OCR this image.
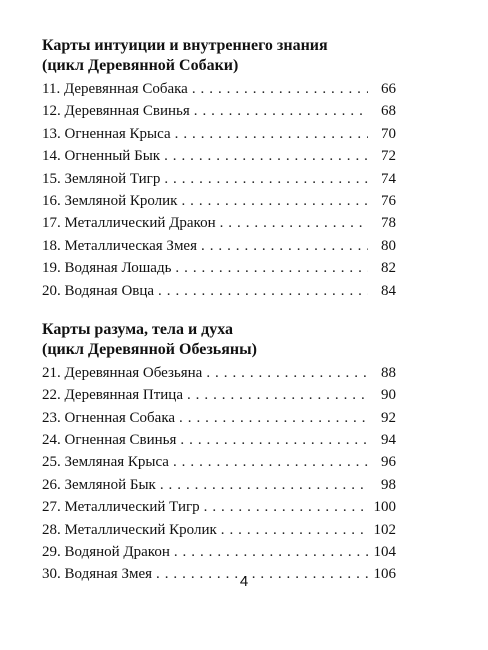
Карты интуиции и внутреннего знания
(цикл Деревянной Собаки)
11. Деревянная Собака . . .	66
12. Деревянная Свинья . . .	68
13. Огненная Крыса . . .	70
14. Огненный Бык . . .	72
15. Земляной Тигр . . .	74
16. Земляной Кролик . . .	76
17. Металлический Дракон . . .	78
18. Металлическая Змея . . .	80
19. Водяная Лошадь . . .	82
20. Водяная Овца . . .	84
Карты разума, тела и духа
(цикл Деревянной Обезьяны)
21. Деревянная Обезьяна . . .	88
22. Деревянная Птица . . .	90
23. Огненная Собака . . .	92
24. Огненная Свинья . . .	94
25. Земляная Крыса . . .	96
26. Земляной Бык . . .	98
27. Металлический Тигр . . .	100
28. Металлический Кролик . . .	102
29. Водяной Дракон . . .	104
30. Водяная Змея . . .	106
4
